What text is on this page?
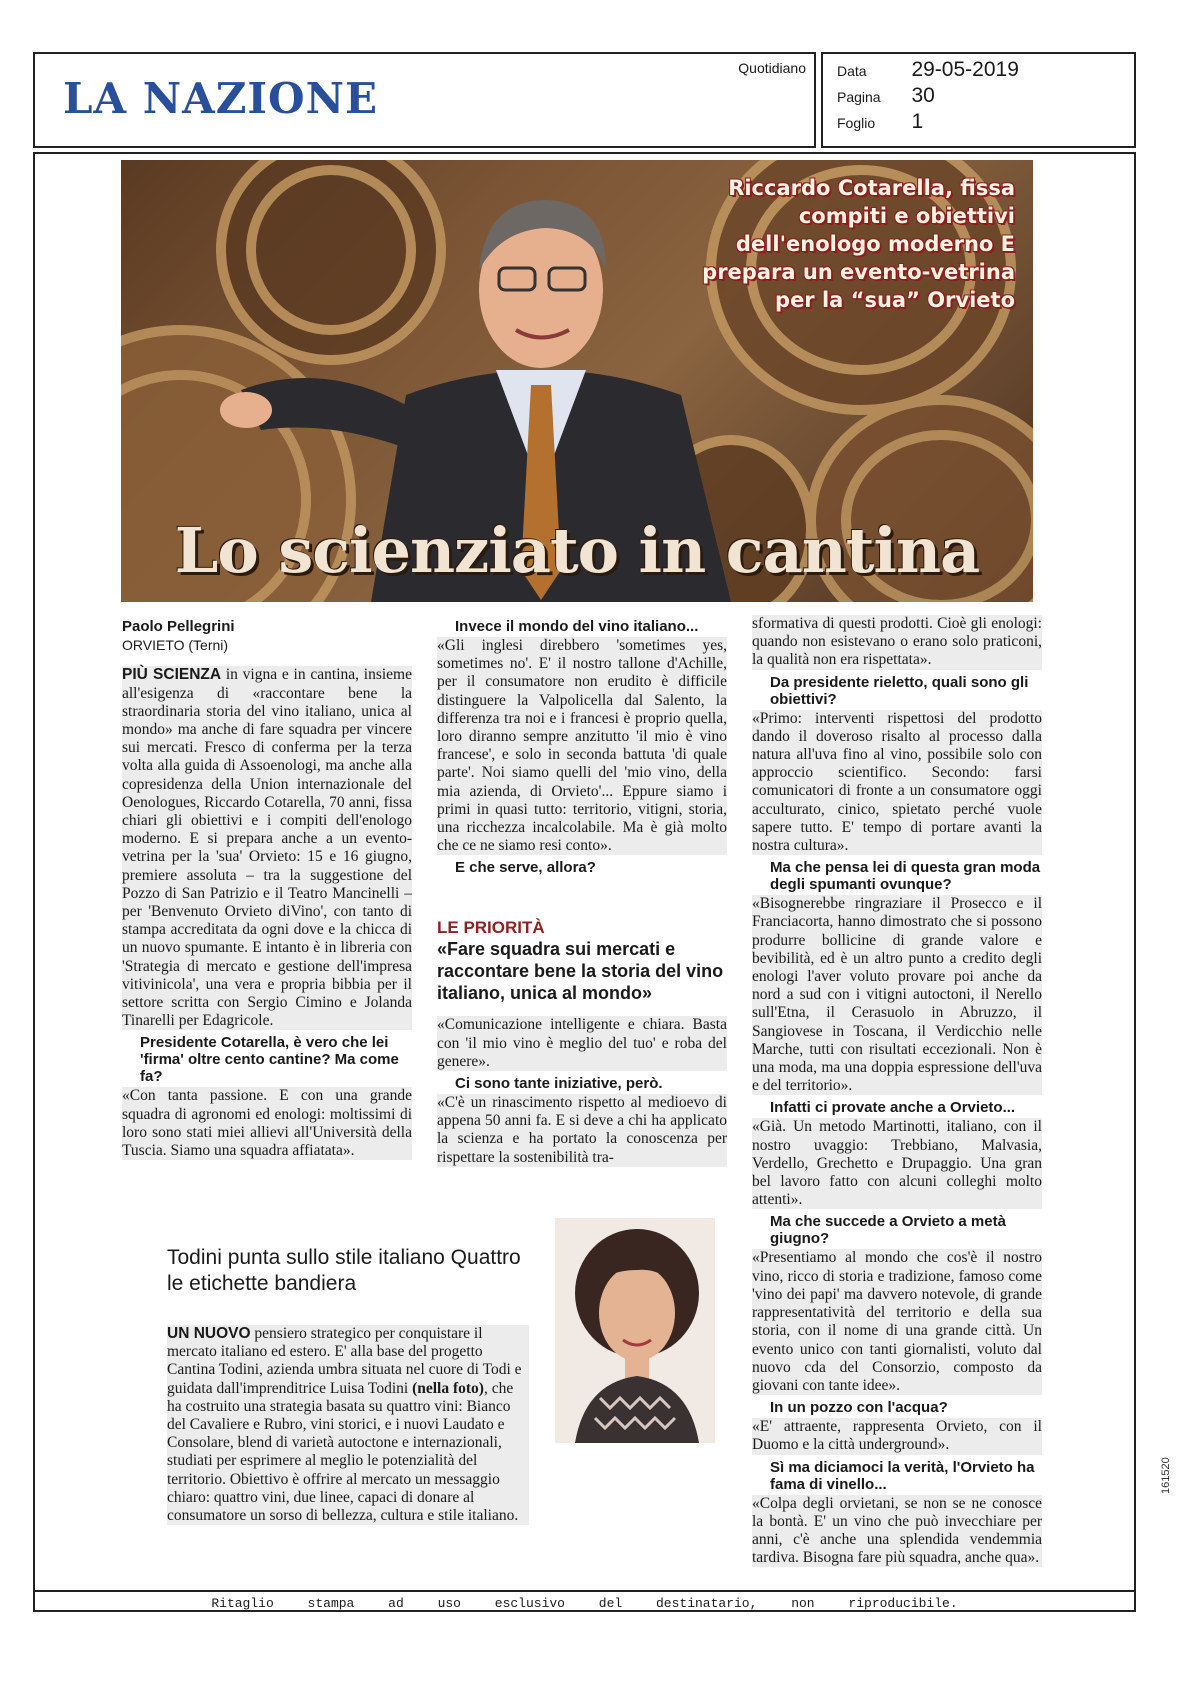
LA NAZIONE
Quotidiano Data 29-05-2019
Pagina 30
Foglio 1
Riccardo Cotarella, fissa compiti e obiettivi dell'enologo moderno E prepara un evento-vetrina per la “sua” Orvieto
Lo scienziato in cantina

Paolo Pellegrini

ORVIETO (Terni)

PIÙ SCIENZA in vigna e in cantina, insieme all'esigenza di «raccontare bene la straordinaria storia del vino italiano, unica al mondo» ma anche di fare squadra per vincere sui mercati. Fresco di conferma per la terza volta alla guida di Assoenologi, ma anche alla copresidenza della Union internazionale del Oenologues, Riccardo Cotarella, 70 anni, fissa chiari gli obiettivi e i compiti dell'enologo moderno. E si prepara anche a un evento-vetrina per la 'sua' Orvieto: 15 e 16 giugno, premiere assoluta – tra la suggestione del Pozzo di San Patrizio e il Teatro Mancinelli – per 'Benvenuto Orvieto diVino', con tanto di stampa accreditata da ogni dove e la chicca di un nuovo spumante. E intanto è in libreria con 'Strategia di mercato e gestione dell'impresa vitivinicola', una vera e propria bibbia per il settore scritta con Sergio Cimino e Jolanda Tinarelli per Edagricole.

Presidente Cotarella, è vero che lei 'firma' oltre cento cantine? Ma come fa?

«Con tanta passione. E con una grande squadra di agronomi ed enologi: moltissimi di loro sono stati miei allievi all'Università della Tuscia. Siamo una squadra affiatata».

Invece il mondo del vino italiano...

«Gli inglesi direbbero 'sometimes yes, sometimes no'. E' il nostro tallone d'Achille, per il consumatore non erudito è difficile distinguere la Valpolicella dal Salento, la differenza tra noi e i francesi è proprio quella, loro diranno sempre anzitutto 'il mio è vino francese', e solo in seconda battuta 'di quale parte'. Noi siamo quelli del 'mio vino, della mia azienda, di Orvieto'... Eppure siamo i primi in quasi tutto: territorio, vitigni, storia, una ricchezza incalcolabile. Ma è già molto che ce ne siamo resi conto».

E che serve, allora?

«Comunicazione intelligente e chiara. Basta con 'il mio vino è meglio del tuo' e roba del genere».

Ci sono tante iniziative, però.

«C'è un rinascimento rispetto al medioevo di appena 50 anni fa. E si deve a chi ha applicato la scienza e ha portato la conoscenza per rispettare la sostenibilità tra-

LE PRIORITÀ
«Fare squadra sui mercati e raccontare bene la storia del vino italiano, unica al mondo»

sformativa di questi prodotti. Cioè gli enologi: quando non esistevano o erano solo praticoni, la qualità non era rispettata».

Da presidente rieletto, quali sono gli obiettivi?

«Primo: interventi rispettosi del prodotto dando il doveroso risalto al processo dalla natura all'uva fino al vino, possibile solo con approccio scientifico. Secondo: farsi comunicatori di fronte a un consumatore oggi acculturato, cinico, spietato perché vuole sapere tutto. E' tempo di portare avanti la nostra cultura».

Ma che pensa lei di questa gran moda degli spumanti ovunque?

«Bisognerebbe ringraziare il Prosecco e il Franciacorta, hanno dimostrato che si possono produrre bollicine di grande valore e bevibilità, ed è un altro punto a credito degli enologi l'aver voluto provare poi anche da nord a sud con i vitigni autoctoni, il Nerello sull'Etna, il Cerasuolo in Abruzzo, il Sangiovese in Toscana, il Verdicchio nelle Marche, tutti con risultati eccezionali. Non è una moda, ma una doppia espressione dell'uva e del territorio».

Infatti ci provate anche a Orvieto...

«Già. Un metodo Martinotti, italiano, con il nostro uvaggio: Trebbiano, Malvasia, Verdello, Grechetto e Drupaggio. Una gran bel lavoro fatto con alcuni colleghi molto attenti».

Ma che succede a Orvieto a metà giugno?

«Presentiamo al mondo che cos'è il nostro vino, ricco di storia e tradizione, famoso come 'vino dei papi' ma davvero notevole, di grande rappresentatività del territorio e della sua storia, con il nome di una grande città. Un evento unico con tanti giornalisti, voluto dal nuovo cda del Consorzio, composto da giovani con tante idee».

In un pozzo con l'acqua?

«E' attraente, rappresenta Orvieto, con il Duomo e la città underground».

Sì ma diciamoci la verità, l'Orvieto ha fama di vinello...

«Colpa degli orvietani, se non se ne conosce la bontà. E' un vino che può invecchiare per anni, c'è anche una splendida vendemmia tardiva. Bisogna fare più squadra, anche qua».

Todini punta sullo stile italiano Quattro le etichette bandiera
UN NUOVO pensiero strategico per conquistare il mercato italiano ed estero. E' alla base del progetto Cantina Todini, azienda umbra situata nel cuore di Todi e guidata dall'imprenditrice Luisa Todini (nella foto), che ha costruito una strategia basata su quattro vini: Bianco del Cavaliere e Rubro, vini storici, e i nuovi Laudato e Consolare, blend di varietà autoctone e internazionali, studiati per esprimere al meglio le potenzialità del territorio. Obiettivo è offrire al mercato un messaggio chiaro: quattro vini, due linee, capaci di donare al consumatore un sorso di bellezza, cultura e stile italiano.
Ritaglio stampa ad uso esclusivo del destinatario, non riproducibile.
161520
